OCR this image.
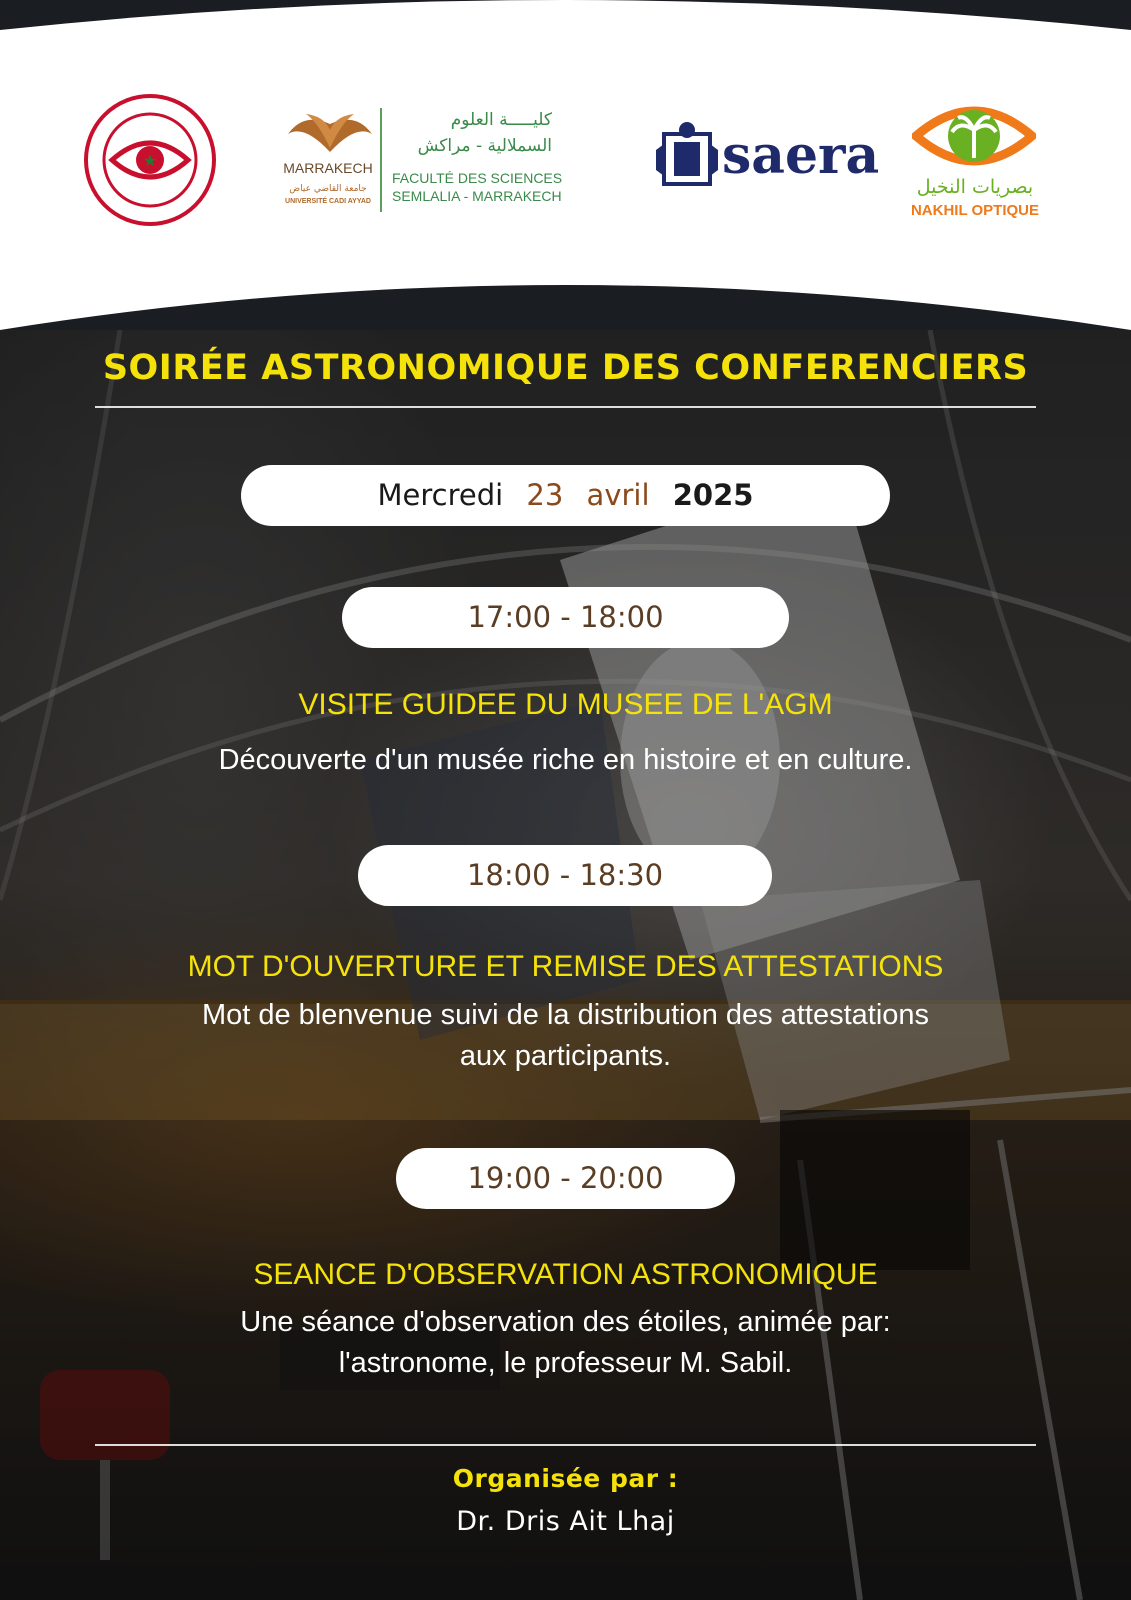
★	MARRAKECH
جامعة القاضي عياض
UNIVERSITÉ CADI AYYAD
كليـــــة العلوم
السملالية - مراكش
FACULTÉ DES SCIENCES
SEMLALIA - MARRAKECH
saera
بصريات النخيل
NAKHIL OPTIQUE
SOIRÉE ASTRONOMIQUE DES CONFERENCIERS
Mercredi 23 avril 2025
17:00 - 18:00
VISITE GUIDEE DU MUSEE DE L'AGM
Découverte d'un musée riche en histoire et en culture.
18:00 - 18:30
MOT D'OUVERTURE ET REMISE DES ATTESTATIONS
Mot de blenvenue suivi de la distribution des attestations
aux participants.
19:00 - 20:00
SEANCE D'OBSERVATION ASTRONOMIQUE
Une séance d'observation des étoiles, animée par:
l'astronome, le professeur M. Sabil.
Organisée par :
Dr. Dris Ait Lhaj
